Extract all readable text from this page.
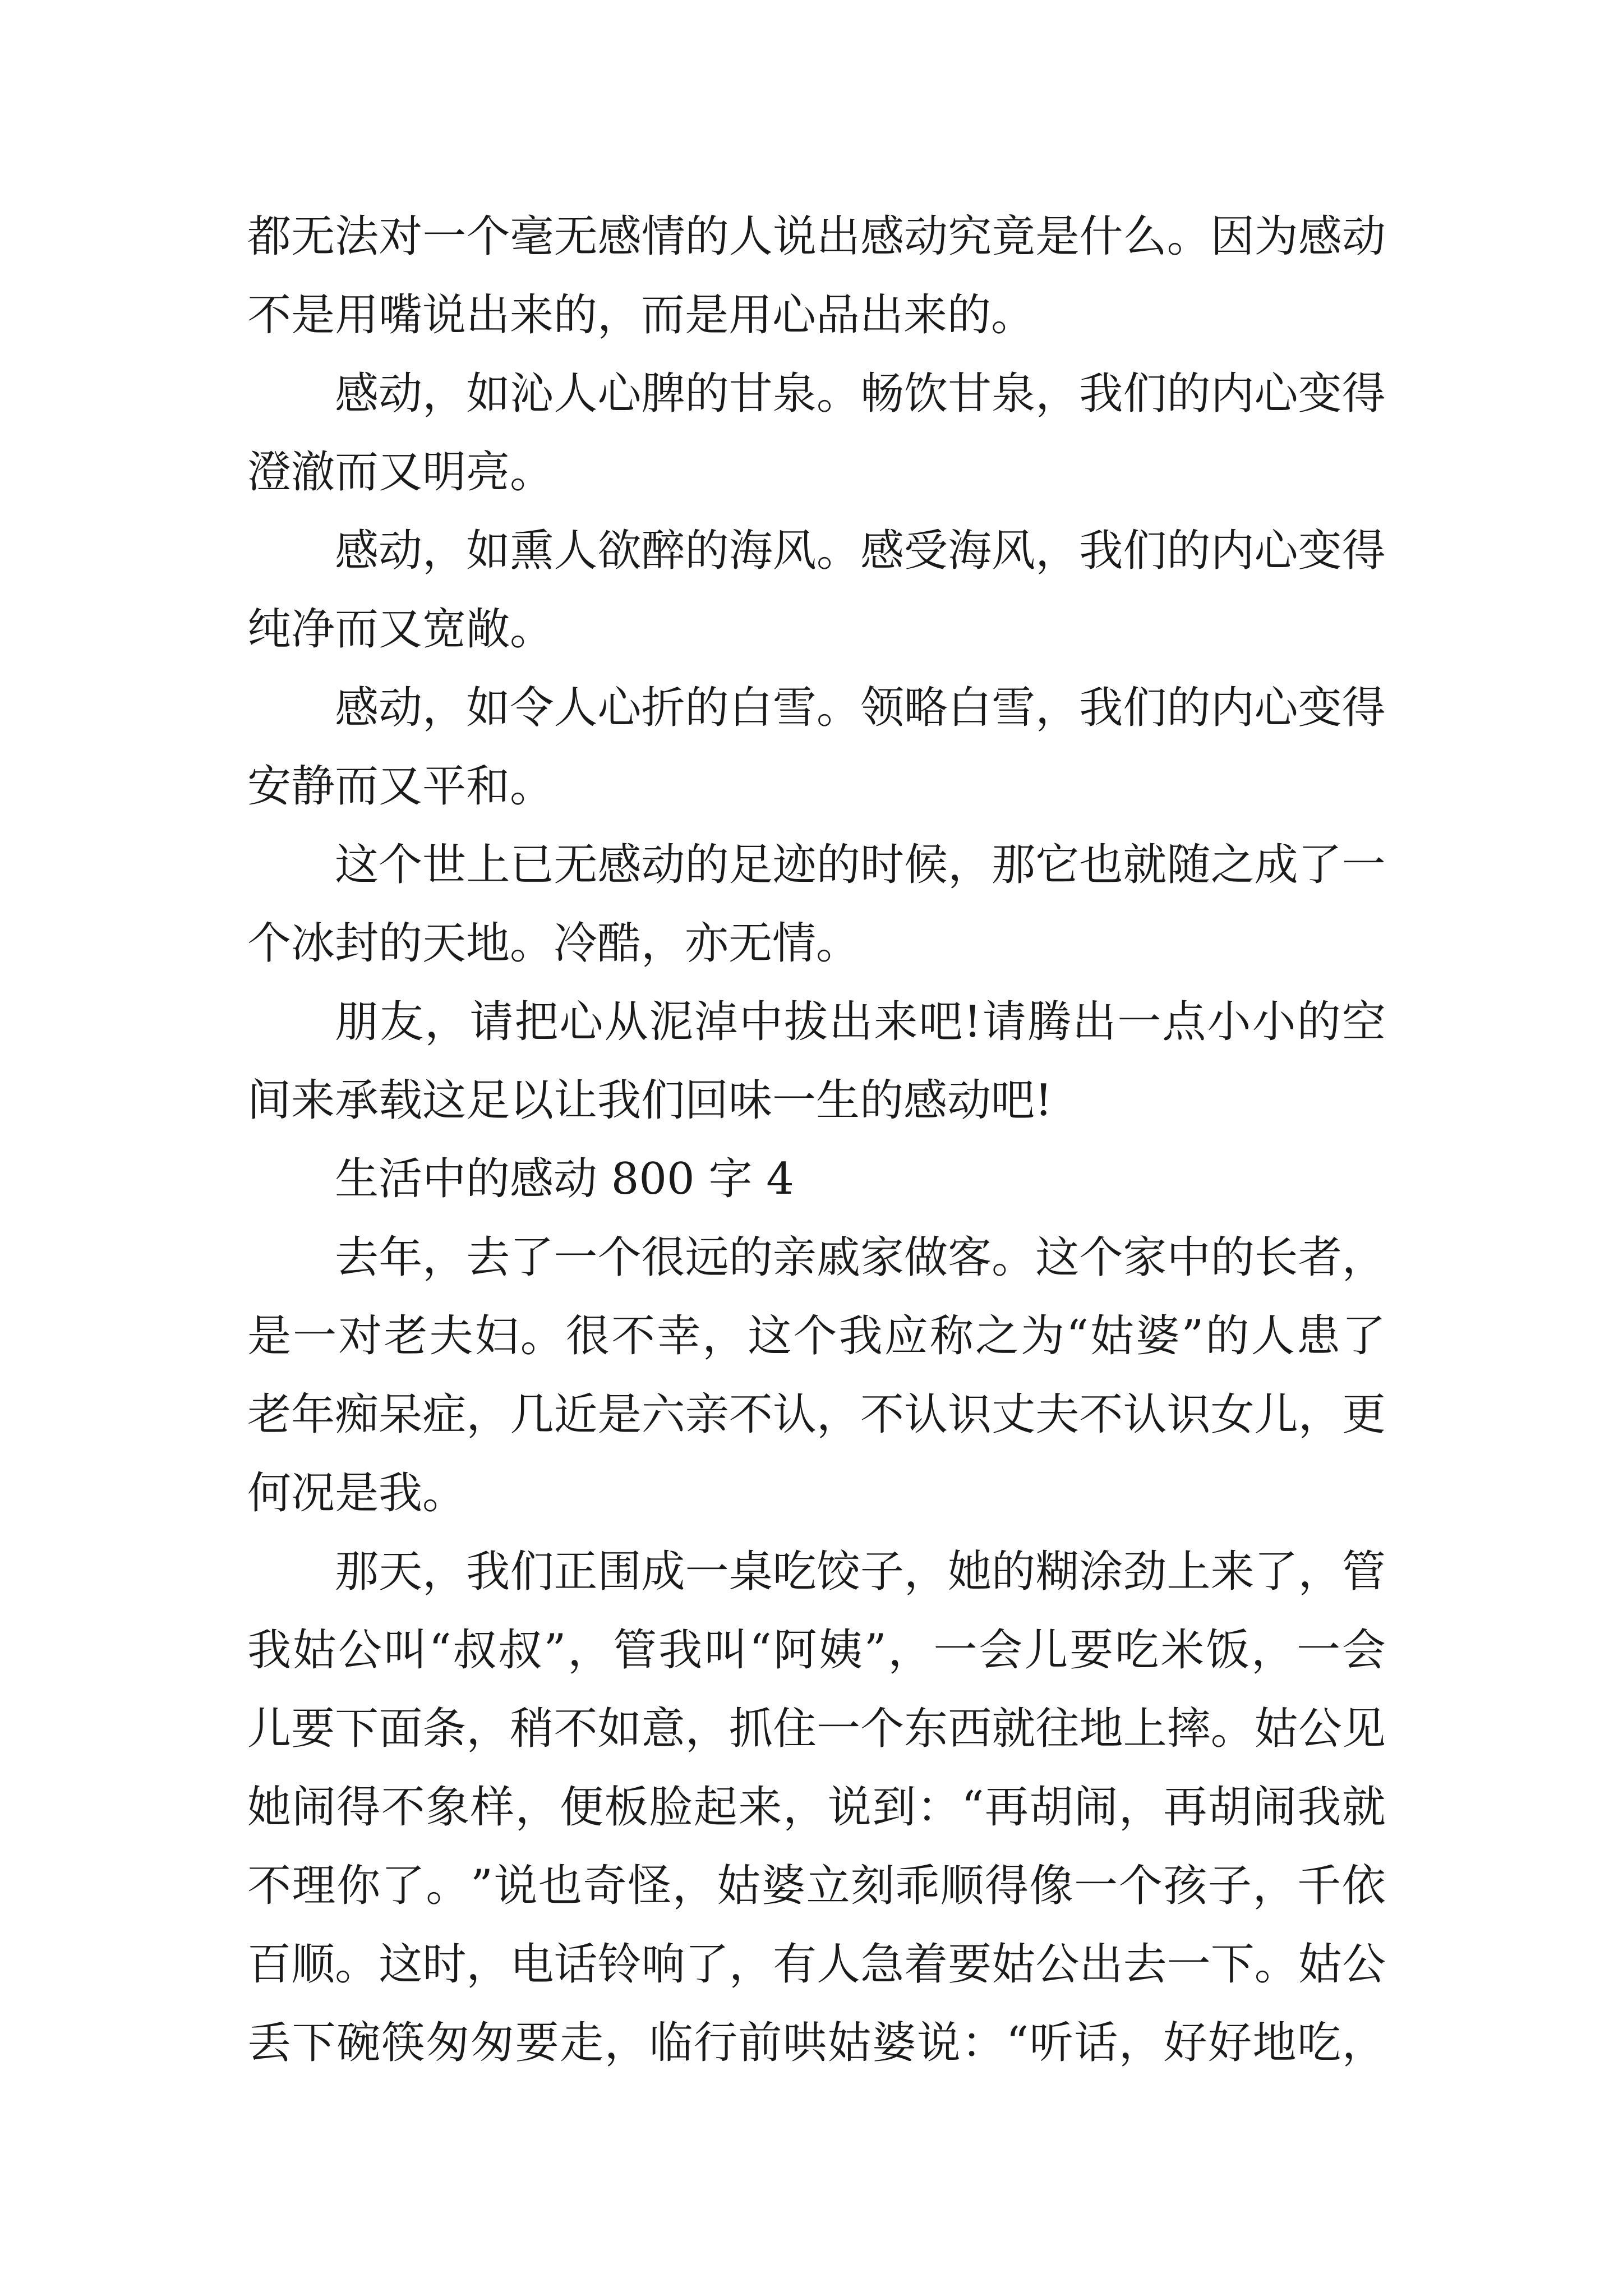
都 无 法 对 一 个 毫 无 感 情 的 人 说 出 感 动 究 竟 是 什 么 。 因 为 感 动
不是用嘴说出来的，而是用心品出来的。
感 动 ， 如 沁 人 心 脾 的 甘 泉 。 畅 饮 甘 泉 ， 我 们 的 内 心 变 得
澄澈而又明亮。
感 动 ， 如 熏 人 欲 醉 的 海 风 。 感 受 海 风 ， 我 们 的 内 心 变 得
纯净而又宽敞。
感 动 ， 如 令 人 心 折 的 白 雪 。 领 略 白 雪 ， 我 们 的 内 心 变 得
安静而又平和。
这 个 世 上 已 无 感 动 的 足 迹 的 时 候 ， 那 它 也 就 随 之 成 了 一
个冰封的天地。冷酷，亦无情。
朋 友 ， 请 把 心 从 泥 淖 中 拔 出 来 吧 ! 请 腾 出 一 点 小 小 的 空
间来承载这足以让我们回味一生的感动吧!
生活中的感动 800 字 4
去 年 ， 去 了 一 个 很 远 的 亲 戚 家 做 客 。 这 个 家 中 的 长 者 ，
是 一 对 老 夫 妇 。 很 不 幸 ， 这 个 我 应 称 之 为 “ 姑 婆 ” 的 人 患 了
老 年 痴 呆 症 ， 几 近 是 六 亲 不 认 ， 不 认 识 丈 夫 不 认 识 女 儿 ， 更
何况是我。
那 天 ， 我 们 正 围 成 一 桌 吃 饺 子 ， 她 的 糊 涂 劲 上 来 了 ， 管
我 姑 公 叫 “ 叔 叔 ” ， 管 我 叫 “ 阿 姨 ” ， 一 会 儿 要 吃 米 饭 ， 一 会
儿 要 下 面 条 ， 稍 不 如 意 ， 抓 住 一 个 东 西 就 往 地 上 摔 。 姑 公 见
她 闹 得 不 象 样 ， 便 板 脸 起 来 ， 说 到 ： “ 再 胡 闹 ， 再 胡 闹 我 就
不 理 你 了 。 ” 说 也 奇 怪 ， 姑 婆 立 刻 乖 顺 得 像 一 个 孩 子 ， 千 依
百 顺 。 这 时 ， 电 话 铃 响 了 ， 有 人 急 着 要 姑 公 出 去 一 下 。 姑 公
丢 下 碗 筷 匆 匆 要 走 ， 临 行 前 哄 姑 婆 说 ： “ 听 话 ， 好 好 地 吃 ，
